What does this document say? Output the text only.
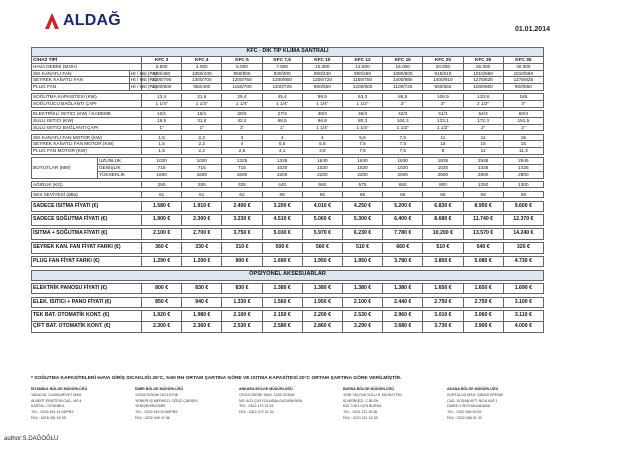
ALDAĞ
01.01.2014
KFC - DİK TİP KLİMA SANTRALİ												
CİHAZ TİPİ			KFC 3	KFC 4	KFC 5	KFC 7,5	KFC 10	KFC 12	KFC 15	KFC 20	KFC 25	KFC 30
HAVA DEBİSİ (M3/H)			2.500	4.000	5.000	7.500	10.000	12.500	15.000	20.000	25.000	30.000
SIK KANATLI FAN		Ht / Hst (PA)	900/480	1050/430	950/500	830/400	900/430	900/460	1080/500	915/510	1010/560	1010/560
SEYREK KANATLI FAN		Ht / Hst (PA)	1200/790	1300/700	1200/760	1200/800	1200/720	1150/750	1400/880	1400/910	1275/825	1275/825
PLUG FAN		Ht / Hst (PA)	1200/800	950/400	1150/700	1100/725	900/550	1200/800	1100/725	900/550	1000/600	900/550

SOĞUTMA KAPASİTESİ (KW)			13,4	21,6	29,4	45,4	59,5	63,3	86,5	106,9	133,8	165
SOĞUTUCU BAĞLANTI ÇAPI			1 1/4"	1 1/4"	1 1/4"	1 1/4"	1 1/4"	1 1/2"	2"	2"	2 1/2"	3"

ELEKTRİKLİ ISITICI (KW) / KADEME			10/1	15/1	20/2	27/3	30/3	36/3	42/3	51/3	54/3	60/3
SULU ISITICI (KW)			19,5	31,5	42,2	68,5	86,8	80,3	104,3	133,1	172,3	191,5
SULU ISITICI BAĞLANTI ÇAPI			1"	1"	1"	1"	1 1/4"	1 1/4"	1 1/2"	1 1/2"	2"	2"

SIK KANATLI FAN MOTOR (KW)			1,5	2,2	3	4	4	5,5	7,5	11	11	15
SEYREK KANATLI FAN MOTOR (KW)			1,5	2,2	4	5,5	5,5	7,5	7,5	15	15	15
PLUG FAN MOTOR (KW)			1,5	2,2	2,5	4,1	3,8	7,5	7,5	8	11	11,3

BOYUTLAR (MM)	UZUNLUK		1020	1020	1325	1325	1630	1630	1630	1935	2545	2545
	GENİŞLİK		715	715	715	1020	1020	1020	1020	1020	1325	1325
	YÜKSEKLİK		1600	1600	1600	2200	2200	2200	2500	2500	2800	2800

AĞIRLIK (KG)			250	285	325	440	550	575	650	900	1250	1300

SES SEVİYESİ (dBa)			61	61	62	65	65	66	66	68	68	69

SADECE ISITMA FİYATI (€)			1.580 €	1.910 €	2.400 €	3.200 €	4.010 €	4.250 €	5.200 €	6.830 €	8.950 €	9.600 €

SADECE SOĞUTMA FİYATI (€)			1.900 €	2.300 €	3.230 €	4.510 €	5.060 €	5.300 €	6.400 €	8.680 €	11.740 €	12.370 €

ISITMA + SOĞUTMA FİYATI (€)			2.100 €	2.700 €	3.750 €	5.030 €	5.970 €	6.230 €	7.780 €	10.200 €	13.570 €	14.240 €

SEYREK KAN. FAN FİYAT FARKI (€)			360 €	330 €	310 €	500 €	560 €	510 €	660 €	510 €	540 €	320 €

PLUG FAN FİYAT FARKI (€)			1.290 €	1.200 €	900 €	1.690 €	1.950 €	1.950 €	3.780 €	3.850 €	5.080 €	4.730 €

OPSİYONEL AKSESUARLAR												

ELEKTRİK PANOSU FİYATI (€)			800 €	830 €	830 €	1.380 €	1.380 €	1.380 €	1.380 €	1.650 €	1.650 €	1.690 €

ELEK. ISITICI + PANO FİYATI (€)			850 €	940 €	1.330 €	1.560 €	1.950 €	2.100 €	2.440 €	2.750 €	2.750 €	3.100 €

TEK BAT. OTOMATİK KONT. (€)			1.920 €	1.980 €	2.100 €	2.150 €	2.200 €	2.530 €	2.960 €	3.010 €	3.060 €	3.110 €
ÇİFT BAT. OTOMATİK KONT. (€)			2.300 €	2.360 €	2.530 €	2.580 €	2.860 €	3.290 €	3.680 €	3.730 €	3.900 €	4.000 €
* SOĞUTMA KAPASİTELERİ HAVA GİRİŞ SICAKLIĞI 26°C, %50 RH ORTAM ŞARTINA GÖRE VE ISITMA KAPASİTESİ 20°C ORTAM ŞARTINA GÖRE VERİLMİŞTİR.
İSTANBUL BÖLGE MÜDÜRLÜĞÜ
YAKACIK, CUMHURİYET MAH.
ALBERT EINSTEIN CAD. NO:4
KARTAL / İSTANBUL
TEL : 0216 451 14 04/PBX
FAX : 0216 451 54 05
İZMİR BÖLGE MÜDÜRLÜĞÜ
1203/5 SOKAK NO:10/708
YENİER İŞ MERKEZİ, OĞUZ ÇARŞISI
YENİŞEHİR/İZMİR
TEL : 0232 449 00 88/PBX
FAX : 0232 449 47 86
ANKARA BÖLGE MÜDÜRLÜĞÜ
CEVİZLİDERE MAH. 1326 SOKAK
NO: 8/13 ÇAYYOLU/BALGAT/ANKARA
TEL : 0312 472 31 53
FAX : 0312 472 31 54
BURSA BÖLGE MÜDÜRLÜĞÜ
YENİ YALOVA YOLU 8. KM BUTTİM
İŞ MERKEZİ, C BLOK
KAT 3 NO:1475 BURSA
TEL : 0224 211 15 36
FAX : 0224 211 15 38
ADANA BÖLGE MÜDÜRLÜĞÜ
KURTULUŞ MAH. ŞİNASİ EFENDİ
CAD. DOŞAN APT. NO:8 KAT:1
DAİRE:3 SEYHAN/ADANA
TEL : 0322 456 00 99
FAX : 0322 456 01 30
author:S.DAĞOĞLU
